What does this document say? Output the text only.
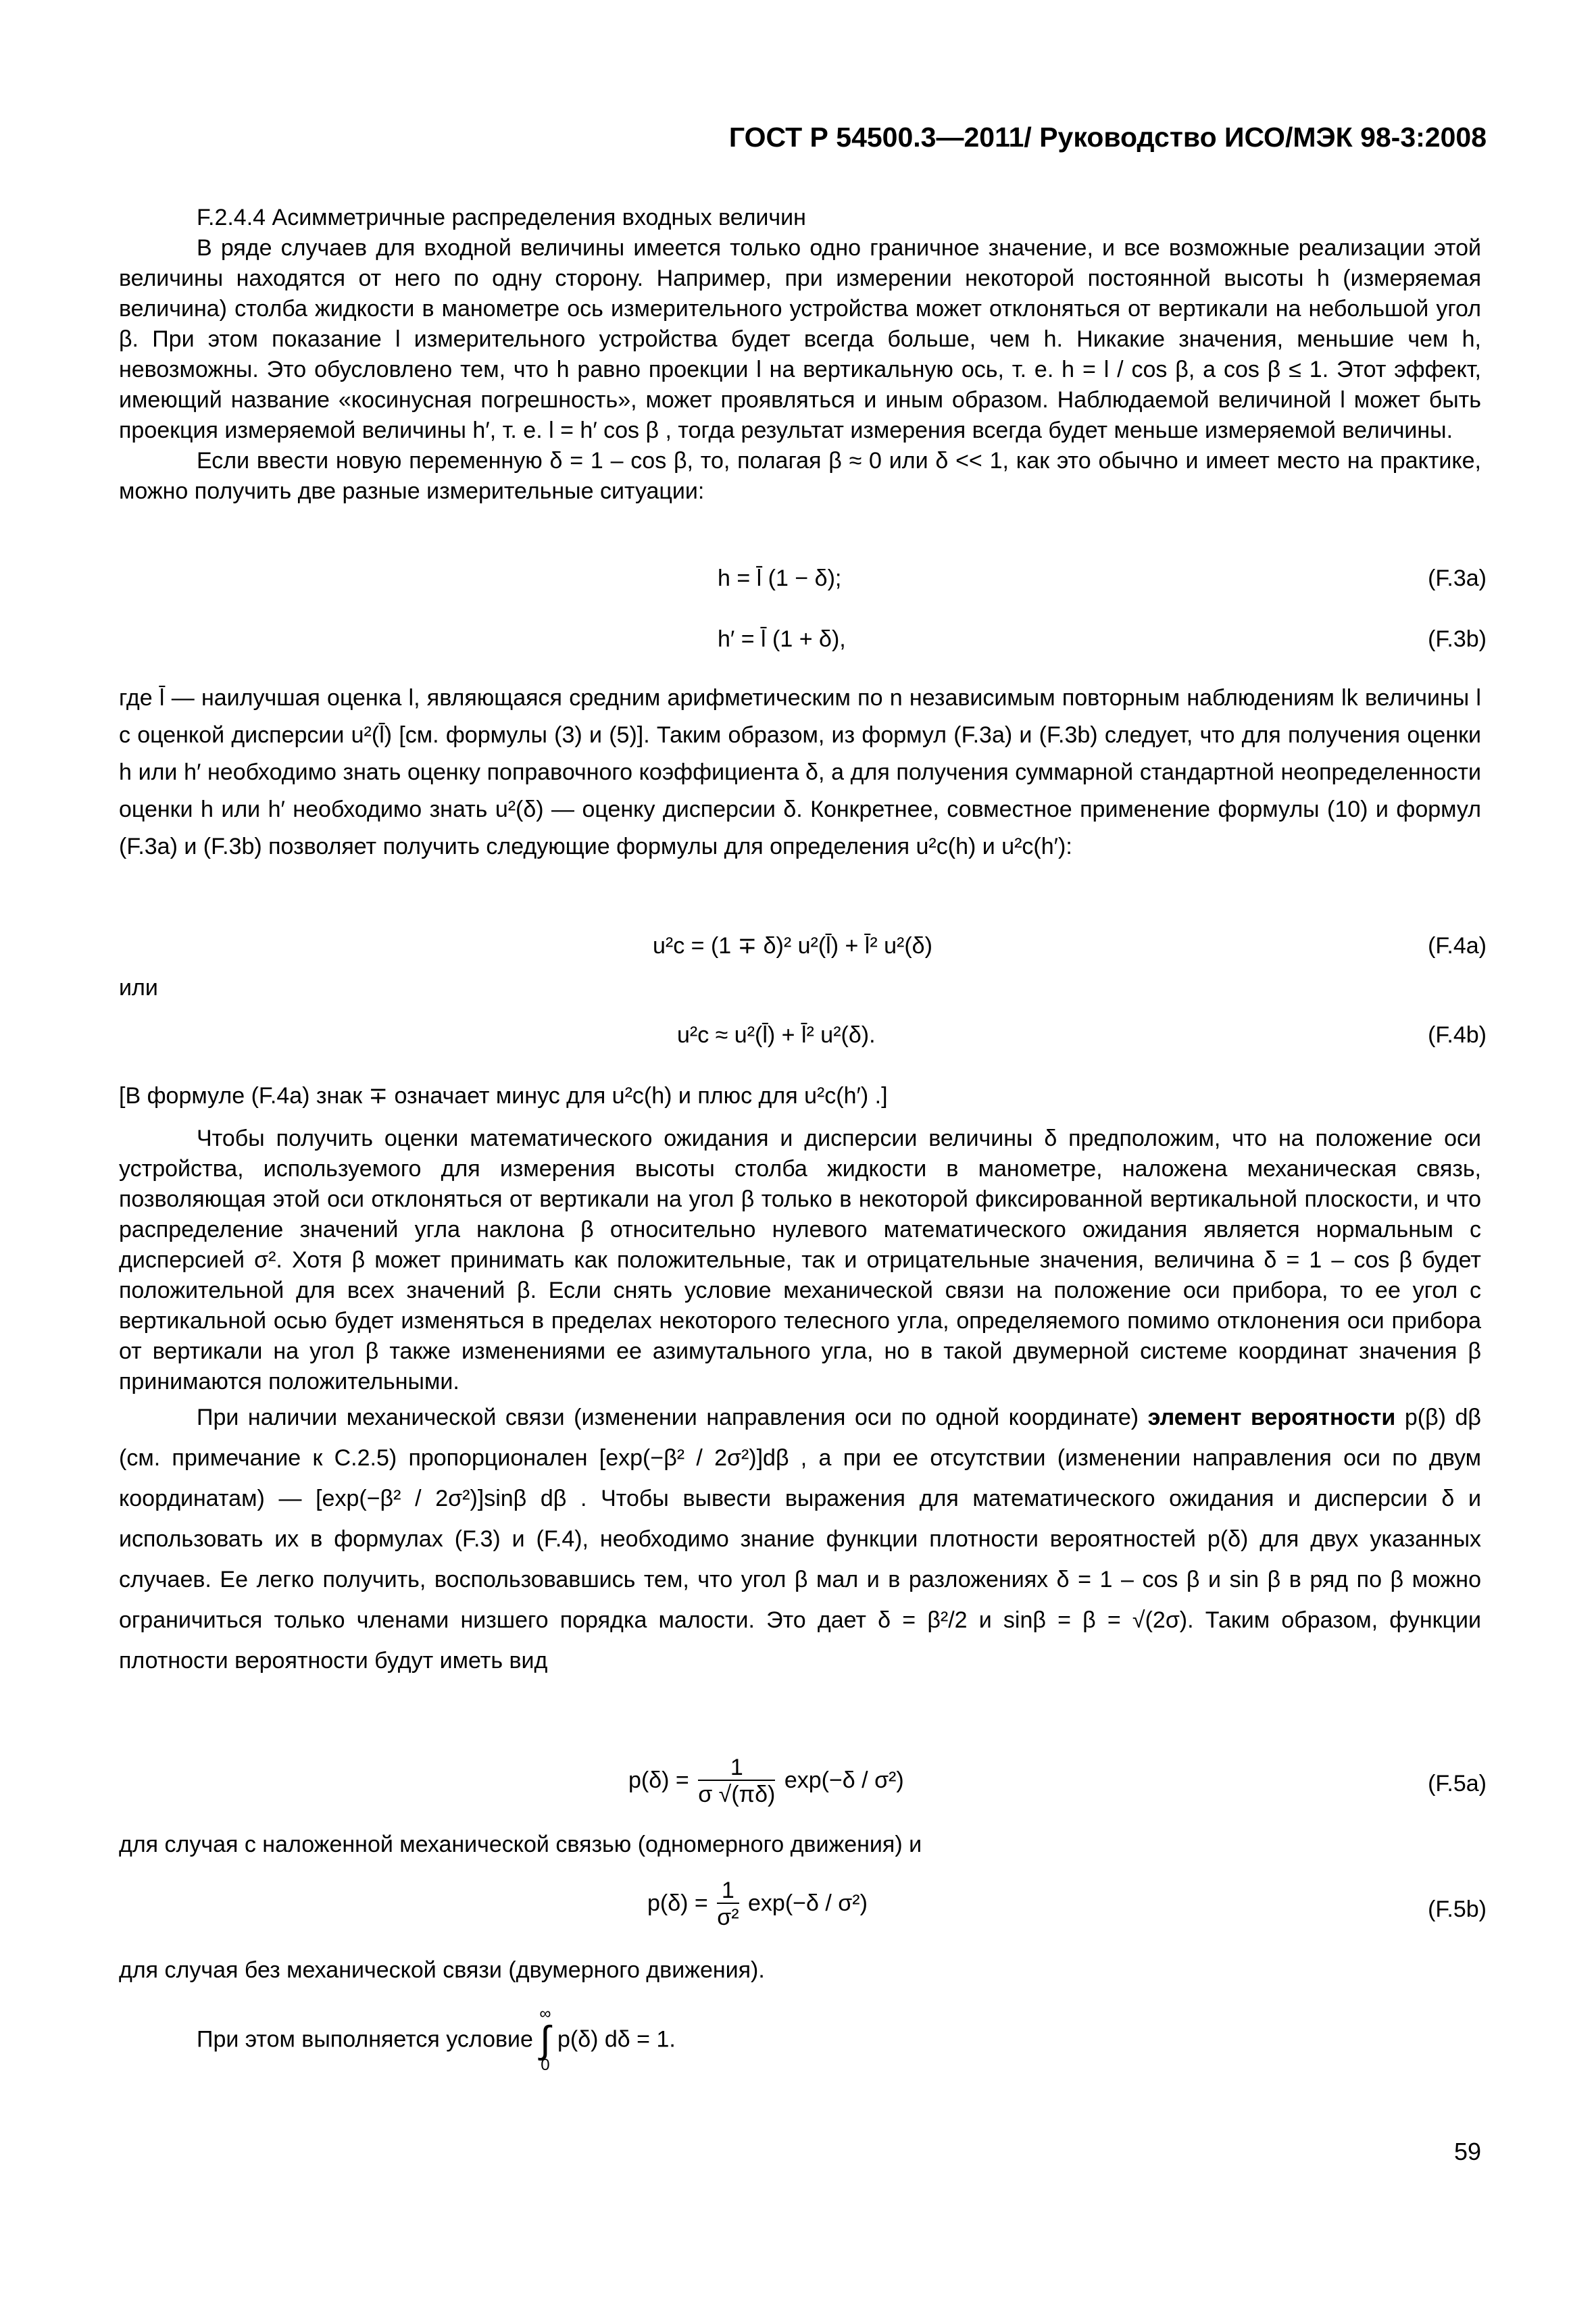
ГОСТ Р 54500.3—2011/ Руководство ИСО/МЭК 98-3:2008

F.2.4.4 Асимметричные распределения входных величин

В ряде случаев для входной величины имеется только одно граничное значение, и все возможные реализации этой величины находятся от него по одну сторону. Например, при измерении некоторой постоянной высоты h (измеряемая величина) столба жидкости в манометре ось измерительного устройства может отклоняться от вертикали на небольшой угол β. При этом показание l измерительного устройства будет всегда больше, чем h. Никакие значения, меньшие чем h, невозможны. Это обусловлено тем, что h равно проекции l на вертикальную ось, т. е. h = l / cos β, а cos β ≤ 1. Этот эффект, имеющий название «косинусная погрешность», может проявляться и иным образом. Наблюдаемой величиной l может быть проекция измеряемой величины h′, т. е. l = h′ cos β , тогда результат измерения всегда будет меньше измеряемой величины.

Если ввести новую переменную δ = 1 – cos β, то, полагая β ≈ 0 или δ << 1, как это обычно и имеет место на практике, можно получить две разные измерительные ситуации:

h = l̄ (1 − δ);	(F.3a)
h′ = l̄ (1 + δ),	(F.3b)

где l̄ — наилучшая оценка l, являющаяся средним арифметическим по n независимым повторным наблюдениям lk величины l с оценкой дисперсии u²(l̄) [см. формулы (3) и (5)]. Таким образом, из формул (F.3a) и (F.3b) следует, что для получения оценки h или h′ необходимо знать оценку поправочного коэффициента δ, а для получения суммарной стандартной неопределенности оценки h или h′ необходимо знать u²(δ) — оценку дисперсии δ. Конкретнее, совместное применение формулы (10) и формул (F.3a) и (F.3b) позволяет получить следующие формулы для определения u²c(h) и u²c(h′):

u²c = (1 ∓ δ)² u²(l̄) + l̄² u²(δ)	(F.4a)
или
u²c ≈ u²(l̄) + l̄² u²(δ).	(F.4b)

[В формуле (F.4a) знак ∓ означает минус для u²c(h) и плюс для u²c(h′) .]

Чтобы получить оценки математического ожидания и дисперсии величины δ предположим, что на положение оси устройства, используемого для измерения высоты столба жидкости в манометре, наложена механическая связь, позволяющая этой оси отклоняться от вертикали на угол β только в некоторой фиксированной вертикальной плоскости, и что распределение значений угла наклона β относительно нулевого математического ожидания является нормальным с дисперсией σ². Хотя β может принимать как положительные, так и отрицательные значения, величина δ = 1 – cos β будет положительной для всех значений β. Если снять условие механической связи на положение оси прибора, то ее угол с вертикальной осью будет изменяться в пределах некоторого телесного угла, определяемого помимо отклонения оси прибора от вертикали на угол β также изменениями ее азимутального угла, но в такой двумерной системе координат значения β принимаются положительными.

При наличии механической связи (изменении направления оси по одной координате) элемент вероятности p(β) dβ (см. примечание к С.2.5) пропорционален [exp(−β² / 2σ²)]dβ , а при ее отсутствии (изменении направления оси по двум координатам) — [exp(−β² / 2σ²)]sinβ dβ . Чтобы вывести выражения для математического ожидания и дисперсии δ и использовать их в формулах (F.3) и (F.4), необходимо знание функции плотности вероятностей p(δ) для двух указанных случаев. Ее легко получить, воспользовавшись тем, что угол β мал и в разложениях δ = 1 – cos β и sin β в ряд по β можно ограничиться только членами низшего порядка малости. Это дает δ = β²/2 и sinβ = β = √(2σ). Таким образом, функции плотности вероятности будут иметь вид

$p(\delta) = \frac{1}{\sigma √(\pi\delta)} \exp(-\delta / \sigma^2)$	(F.5a)

для случая с наложенной механической связью (одномерного движения) и

$p(\delta) = \frac{1}{\text{σ²}} \exp(-\delta / \sigma^2)$	(F.5b)

для случая без механической связи (двумерного движения).

При этом выполняется условие
∞
∫
0
p(δ) dδ = 1.
59
